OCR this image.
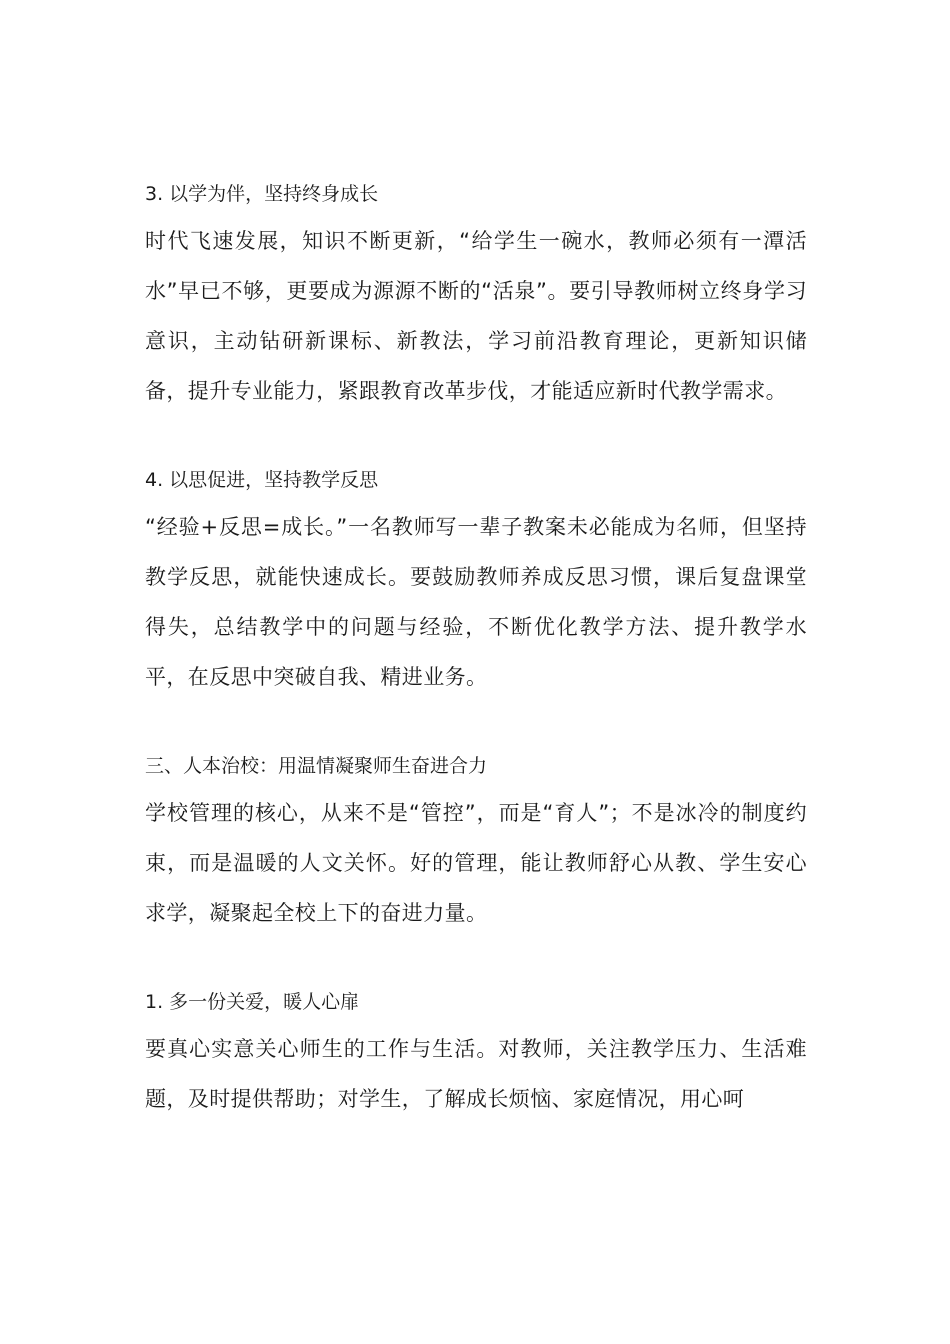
3. 以学为伴，坚持终身成长

时代飞速发展，知识不断更新，“给学生一碗水，教师必须有一潭活水”早已不够，更要成为源源不断的“活泉”。要引导教师树立终身学习意识，主动钻研新课标、新教法，学习前沿教育理论，更新知识储备，提升专业能力，紧跟教育改革步伐，才能适应新时代教学需求。

4. 以思促进，坚持教学反思

“经验+反思=成长。”一名教师写一辈子教案未必能成为名师，但坚持教学反思，就能快速成长。要鼓励教师养成反思习惯，课后复盘课堂得失，总结教学中的问题与经验，不断优化教学方法、提升教学水平，在反思中突破自我、精进业务。

三、人本治校：用温情凝聚师生奋进合力

学校管理的核心，从来不是“管控”，而是“育人”；不是冰冷的制度约束，而是温暖的人文关怀。好的管理，能让教师舒心从教、学生安心求学，凝聚起全校上下的奋进力量。

1. 多一份关爱，暖人心扉

要真心实意关心师生的工作与生活。对教师，关注教学压力、生活难题，及时提供帮助；对学生，了解成长烦恼、家庭情况，用心呵
